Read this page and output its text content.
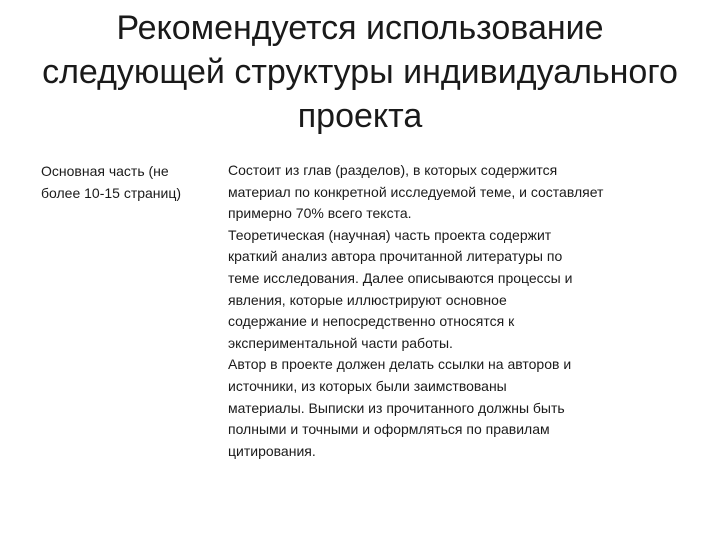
Рекомендуется использование
следующей структуры индивидуального
проекта
Основная часть (не
более 10-15 страниц)
Состоит из глав (разделов), в которых содержится
материал по конкретной исследуемой теме, и составляет
примерно 70% всего текста.
Теоретическая (научная) часть проекта содержит
краткий анализ автора прочитанной литературы по
теме исследования. Далее описываются процессы и
явления, которые иллюстрируют основное
содержание и непосредственно относятся к
экспериментальной части работы.
Автор в проекте должен делать ссылки на авторов и
источники, из которых были заимствованы
материалы. Выписки из прочитанного должны быть
полными и точными и оформляться по правилам
цитирования.
